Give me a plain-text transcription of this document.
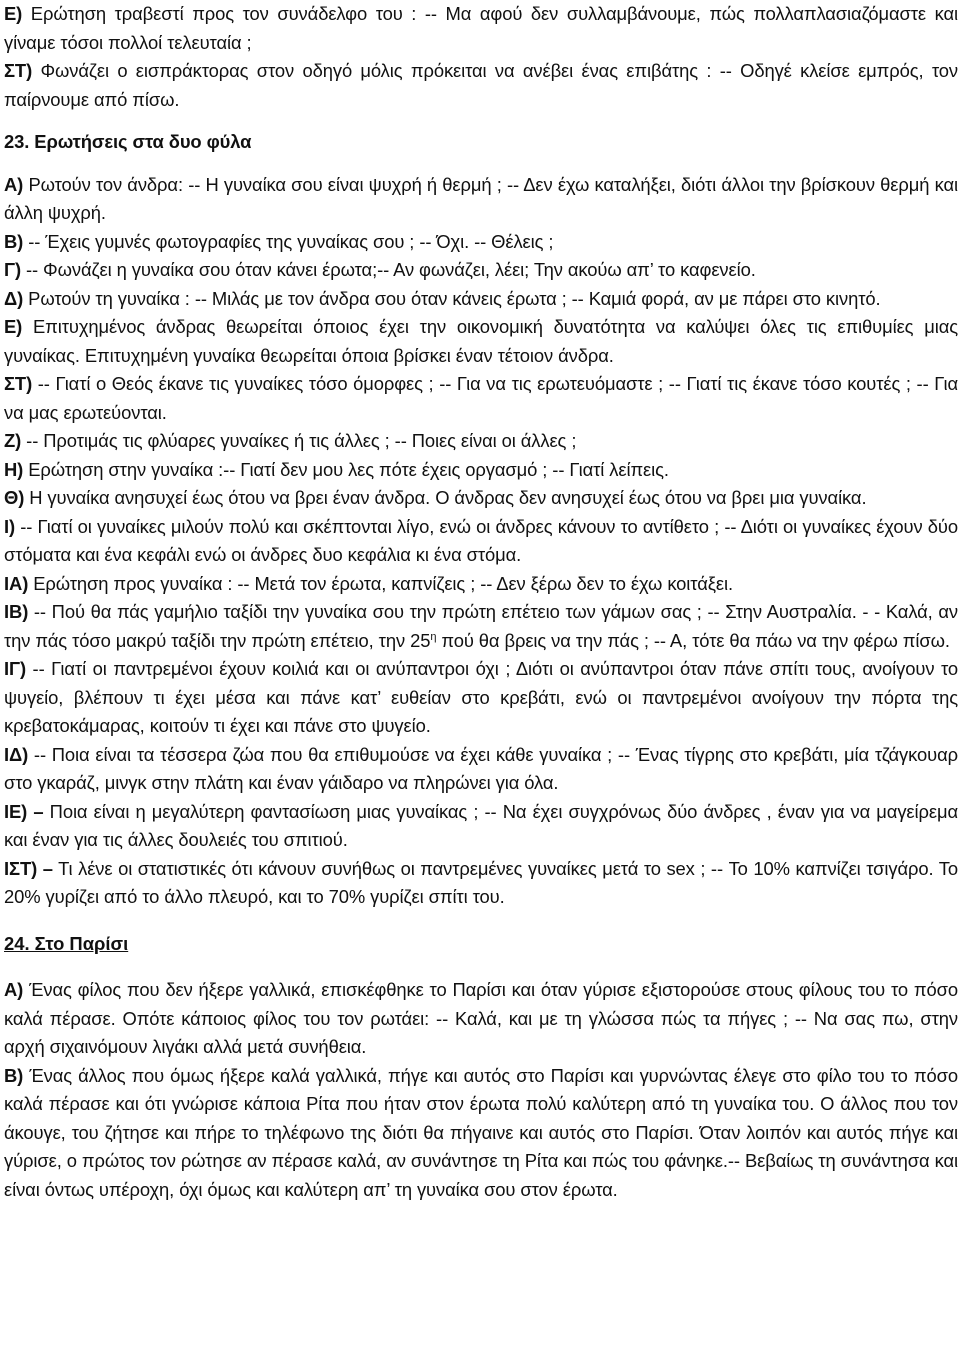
Ε) Ερώτηση τραβεστί προς τον συνάδελφο του : -- Μα αφού δεν συλλαμβάνουμε, πώς πολλαπλασιαζόμαστε και γίναμε τόσοι πολλοί τελευταία ;

ΣΤ) Φωνάζει ο εισπράκτορας στον οδηγό μόλις πρόκειται να ανέβει ένας επιβάτης : -- Οδηγέ κλείσε εμπρός, τον παίρνουμε από πίσω.

23. Ερωτήσεις στα δυο φύλα

Α) Ρωτούν τον άνδρα: -- Η γυναίκα σου είναι ψυχρή ή θερμή ; -- Δεν έχω καταλήξει, διότι άλλοι την βρίσκουν θερμή και άλλη ψυχρή.

Β) -- Έχεις γυμνές φωτογραφίες της γυναίκας σου ; -- Όχι. -- Θέλεις ;

Γ) -- Φωνάζει η γυναίκα σου όταν κάνει έρωτα;-- Αν φωνάζει, λέει; Την ακούω απ’ το καφενείο.

Δ) Ρωτούν τη γυναίκα : -- Μιλάς με τον άνδρα σου όταν κάνεις έρωτα ; -- Καμιά φορά, αν με πάρει στο κινητό.

Ε) Επιτυχημένος άνδρας θεωρείται όποιος έχει την οικονομική δυνατότητα να καλύψει όλες τις επιθυμίες μιας γυναίκας. Επιτυχημένη γυναίκα θεωρείται όποια βρίσκει έναν τέτοιον άνδρα.

ΣΤ) -- Γιατί ο Θεός έκανε τις γυναίκες τόσο όμορφες ; -- Για να τις ερωτευόμαστε ; -- Γιατί τις έκανε τόσο κουτές ; -- Για να μας ερωτεύονται.

Ζ) -- Προτιμάς τις φλύαρες γυναίκες ή τις άλλες ; -- Ποιες είναι οι άλλες ;

Η) Ερώτηση στην γυναίκα :-- Γιατί δεν μου λες πότε έχεις οργασμό ; -- Γιατί λείπεις.

Θ) Η γυναίκα ανησυχεί έως ότου να βρει έναν άνδρα. Ο άνδρας δεν ανησυχεί έως ότου να βρει μια γυναίκα.

Ι) -- Γιατί οι γυναίκες μιλούν πολύ και σκέπτονται λίγο, ενώ οι άνδρες κάνουν το αντίθετο ; -- Διότι οι γυναίκες έχουν δύο στόματα και ένα κεφάλι ενώ οι άνδρες δυο κεφάλια κι ένα στόμα.

ΙΑ) Ερώτηση προς γυναίκα : -- Μετά τον έρωτα, καπνίζεις ; -- Δεν ξέρω δεν το έχω κοιτάξει.

ΙΒ) -- Πού θα πάς γαμήλιο ταξίδι την γυναίκα σου την πρώτη επέτειο των γάμων σας ; -- Στην Αυστραλία. - - Καλά, αν την πάς τόσο μακρύ ταξίδι την πρώτη επέτειο, την $25^\eta$ πού θα βρεις να την πάς ; -- Α, τότε θα πάω να την φέρω πίσω.

ΙΓ) -- Γιατί οι παντρεμένοι έχουν κοιλιά και οι ανύπαντροι όχι ; Διότι οι ανύπαντροι όταν πάνε σπίτι τους, ανοίγουν το ψυγείο, βλέπουν τι έχει μέσα και πάνε κατ’ ευθείαν στο κρεβάτι, ενώ οι παντρεμένοι ανοίγουν την πόρτα της κρεβατοκάμαρας, κοιτούν τι έχει και πάνε στο ψυγείο.

ΙΔ) -- Ποια είναι τα τέσσερα ζώα που θα επιθυμούσε να έχει κάθε γυναίκα ; -- Ένας τίγρης στο κρεβάτι, μία τζάγκουαρ στο γκαράζ, μινγκ στην πλάτη και έναν γάιδαρο να πληρώνει για όλα.

ΙΕ) – Ποια είναι η μεγαλύτερη φαντασίωση μιας γυναίκας ; -- Να έχει συγχρόνως δύο άνδρες , έναν για να μαγείρεμα και έναν για τις άλλες δουλειές του σπιτιού.

ΙΣΤ) – Τι λένε οι στατιστικές ότι κάνουν συνήθως οι παντρεμένες γυναίκες μετά το sex ; -- Το 10% καπνίζει τσιγάρο. Το 20% γυρίζει από το άλλο πλευρό, και το 70% γυρίζει σπίτι του.

24. Στο Παρίσι

Α) Ένας φίλος που δεν ήξερε γαλλικά, επισκέφθηκε το Παρίσι και όταν γύρισε εξιστορούσε στους φίλους του το πόσο καλά πέρασε. Οπότε κάποιος φίλος του τον ρωτάει: -- Καλά, και με τη γλώσσα πώς τα πήγες ; -- Να σας πω, στην αρχή σιχαινόμουν λιγάκι αλλά μετά συνήθεια.

Β) Ένας άλλος που όμως ήξερε καλά γαλλικά, πήγε και αυτός στο Παρίσι και γυρνώντας έλεγε στο φίλο του το πόσο καλά πέρασε και ότι γνώρισε κάποια Ρίτα που ήταν στον έρωτα πολύ καλύτερη από τη γυναίκα του. Ο άλλος που τον άκουγε, του ζήτησε και πήρε το τηλέφωνο της διότι θα πήγαινε και αυτός στο Παρίσι. Όταν λοιπόν και αυτός πήγε και γύρισε, ο πρώτος τον ρώτησε αν πέρασε καλά, αν συνάντησε τη Ρίτα και πώς του φάνηκε.-- Βεβαίως τη συνάντησα και είναι όντως υπέροχη, όχι όμως και καλύτερη απ’ τη γυναίκα σου στον έρωτα.
